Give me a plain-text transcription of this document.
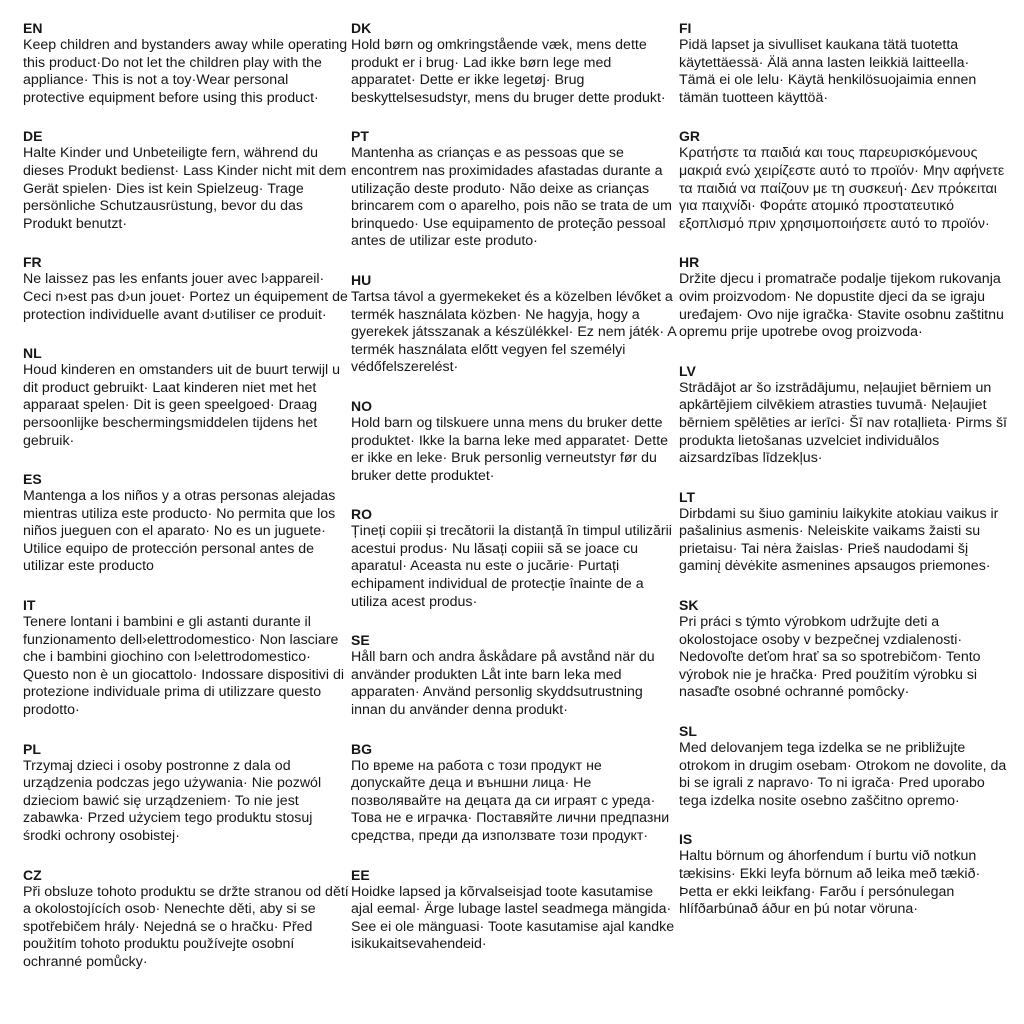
EN
Keep children and bystanders away while operating this product·Do not let the children play with the appliance· This is not a toy·Wear personal protective equipment before using this product·
DE
Halte Kinder und Unbeteiligte fern, während du dieses Produkt bedienst· Lass Kinder nicht mit dem Gerät spielen· Dies ist kein Spielzeug· Trage persönliche Schutzausrüstung, bevor du das Produkt benutzt·
FR
Ne laissez pas les enfants jouer avec l›appareil· Ceci n›est pas d›un jouet· Portez un équipement de protection individuelle avant d›utiliser ce produit·
NL
Houd kinderen en omstanders uit de buurt terwijl u dit product gebruikt· Laat kinderen niet met het apparaat spelen· Dit is geen speelgoed· Draag persoonlijke beschermingsmiddelen tijdens het gebruik·
ES
Mantenga a los niños y a otras personas alejadas mientras utiliza este producto· No permita que los niños jueguen con el aparato· No es un juguete· Utilice equipo de protección personal antes de utilizar este producto
IT
Tenere lontani i bambini e gli astanti durante il funzionamento dell›elettrodomestico· Non lasciare che i bambini giochino con l›elettrodomestico· Questo non è un giocattolo· Indossare dispositivi di protezione individuale prima di utilizzare questo prodotto·
PL
Trzymaj dzieci i osoby postronne z dala od urządzenia podczas jego używania· Nie pozwól dzieciom bawić się urządzeniem· To nie jest zabawka· Przed użyciem tego produktu stosuj środki ochrony osobistej·
CZ
Při obsluze tohoto produktu se držte stranou od dětí a okolostojících osob· Nenechte děti, aby si se spotřebičem hrály· Nejedná se o hračku· Před použitím tohoto produktu používejte osobní ochranné pomůcky·
DK
Hold børn og omkringstående væk, mens dette produkt er i brug· Lad ikke børn lege med apparatet· Dette er ikke legetøj· Brug beskyttelsesudstyr, mens du bruger dette produkt·
PT
Mantenha as crianças e as pessoas que se encontrem nas proximidades afastadas durante a utilização deste produto· Não deixe as crianças brincarem com o aparelho, pois não se trata de um brinquedo· Use equipamento de proteção pessoal antes de utilizar este produto·
HU
Tartsa távol a gyermekeket és a közelben lévőket a termék használata közben· Ne hagyja, hogy a gyerekek játsszanak a készülékkel· Ez nem játék· A termék használata előtt vegyen fel személyi védőfelszerelést·
NO
Hold barn og tilskuere unna mens du bruker dette produktet· Ikke la barna leke med apparatet· Dette er ikke en leke· Bruk personlig verneutstyr før du bruker dette produktet·
RO
Țineți copiii și trecătorii la distanță în timpul utilizării acestui produs· Nu lăsați copiii să se joace cu aparatul· Aceasta nu este o jucărie· Purtați echipament individual de protecție înainte de a utiliza acest produs·
SE
Håll barn och andra åskådare på avstånd när du använder produkten Låt inte barn leka med apparaten· Använd personlig skyddsutrustning innan du använder denna produkt·
BG
По време на работа с този продукт не допускайте деца и външни лица· Не позволявайте на децата да си играят с уреда· Това не е играчка· Поставяйте лични предпазни средства, преди да използвате този продукт·
EE
Hoidke lapsed ja kõrvalseisjad toote kasutamise ajal eemal· Ärge lubage lastel seadmega mängida· See ei ole mänguasi· Toote kasutamise ajal kandke isikukaitsevahendeid·
FI
Pidä lapset ja sivulliset kaukana tätä tuotetta käytettäessä· Älä anna lasten leikkiä laitteella· Tämä ei ole lelu· Käytä henkilösuojaimia ennen tämän tuotteen käyttöä·
GR
Κρατήστε τα παιδιά και τους παρευρισκόμενους μακριά ενώ χειρίζεστε αυτό το προϊόν· Μην αφήνετε τα παιδιά να παίζουν με τη συσκευή· Δεν πρόκειται για παιχνίδι· Φοράτε ατομικό προστατευτικό εξοπλισμό πριν χρησιμοποιήσετε αυτό το προϊόν·
HR
Držite djecu i promatrače podalje tijekom rukovanja ovim proizvodom· Ne dopustite djeci da se igraju uređajem· Ovo nije igračka· Stavite osobnu zaštitnu opremu prije upotrebe ovog proizvoda·
LV
Strādājot ar šo izstrādājumu, neļaujiet bērniem un apkārtējiem cilvēkiem atrasties tuvumā· Neļaujiet bērniem spēlēties ar ierīci· Šī nav rotaļlieta· Pirms šī produkta lietošanas uzvelciet individuālos aizsardzības līdzekļus·
LT
Dirbdami su šiuo gaminiu laikykite atokiau vaikus ir pašalinius asmenis· Neleiskite vaikams žaisti su prietaisu· Tai nėra žaislas· Prieš naudodami šį gaminį dėvėkite asmenines apsaugos priemones·
SK
Pri práci s týmto výrobkom udržujte deti a okolostojace osoby v bezpečnej vzdialenosti· Nedovoľte deťom hrať sa so spotrebičom· Tento výrobok nie je hračka· Pred použitím výrobku si nasaďte osobné ochranné pomôcky·
SL
Med delovanjem tega izdelka se ne približujte otrokom in drugim osebam· Otrokom ne dovolite, da bi se igrali z napravo· To ni igrača· Pred uporabo tega izdelka nosite osebno zaščitno opremo·
IS
Haltu börnum og áhorfendum í burtu við notkun tækisins· Ekki leyfa börnum að leika með tækið· Þetta er ekki leikfang· Farðu í persónulegan hlífðarbúnað áður en þú notar vöruna·
